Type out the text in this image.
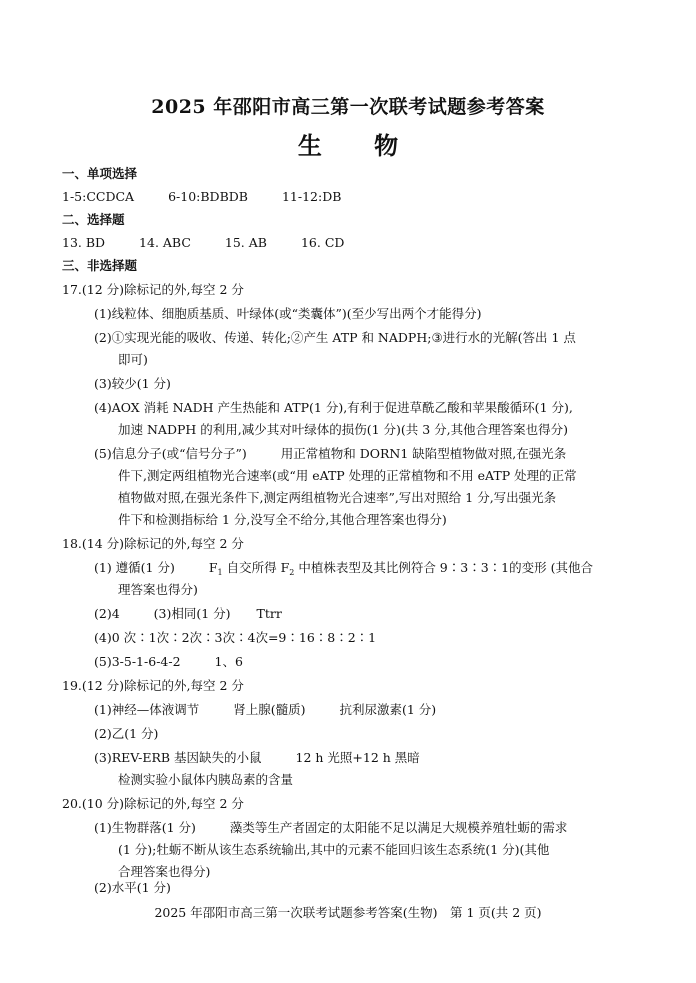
2025 年邵阳市高三第一次联考试题参考答案
生 物
一、单项选择
1-5:CCDCA	6-10:BDBDB	11-12:DB
二、选择题
13. BD	14. ABC	15. AB	16. CD
三、非选择题
17.(12 分)除标记的外,每空 2 分
(1)线粒体、细胞质基质、叶绿体(或“类囊体”)(至少写出两个才能得分)
(2)①实现光能的吸收、传递、转化;②产生 ATP 和 NADPH;③进行水的光解(答出 1 点
即可)
(3)较少(1 分)
(4)AOX 消耗 NADH 产生热能和 ATP(1 分),有利于促进草酰乙酸和苹果酸循环(1 分),
加速 NADPH 的利用,减少其对叶绿体的损伤(1 分)(共 3 分,其他合理答案也得分)
(5)信息分子(或“信号分子”)	用正常植物和 DORN1 缺陷型植物做对照,在强光条
件下,测定两组植物光合速率(或“用 eATP 处理的正常植物和不用 eATP 处理的正常
植物做对照,在强光条件下,测定两组植物光合速率”,写出对照给 1 分,写出强光条
件下和检测指标给 1 分,没写全不给分,其他合理答案也得分)
18.(14 分)除标记的外,每空 2 分
(1) 遵循(1 分)	$F_1$ 自交所得 $F_2$ 中植株表型及其比例符合 9∶3∶3∶1的变形 (其他合
理答案也得分)
(2)4	(3)相同(1 分) Ttrr
(4)0 次∶1次∶2次∶3次∶4次=9∶16∶8∶2∶1
(5)3-5-1-6-4-2	1、6
19.(12 分)除标记的外,每空 2 分
(1)神经—体液调节	肾上腺(髓质)	抗利尿激素(1 分)
(2)乙(1 分)
(3)REV-ERB 基因缺失的小鼠	12 h 光照+12 h 黑暗
检测实验小鼠体内胰岛素的含量
20.(10 分)除标记的外,每空 2 分
(1)生物群落(1 分)	藻类等生产者固定的太阳能不足以满足大规模养殖牡蛎的需求
(1 分);牡蛎不断从该生态系统输出,其中的元素不能回归该生态系统(1 分)(其他
合理答案也得分)
(2)水平(1 分)
2025 年邵阳市高三第一次联考试题参考答案(生物)　第 1 页(共 2 页)
